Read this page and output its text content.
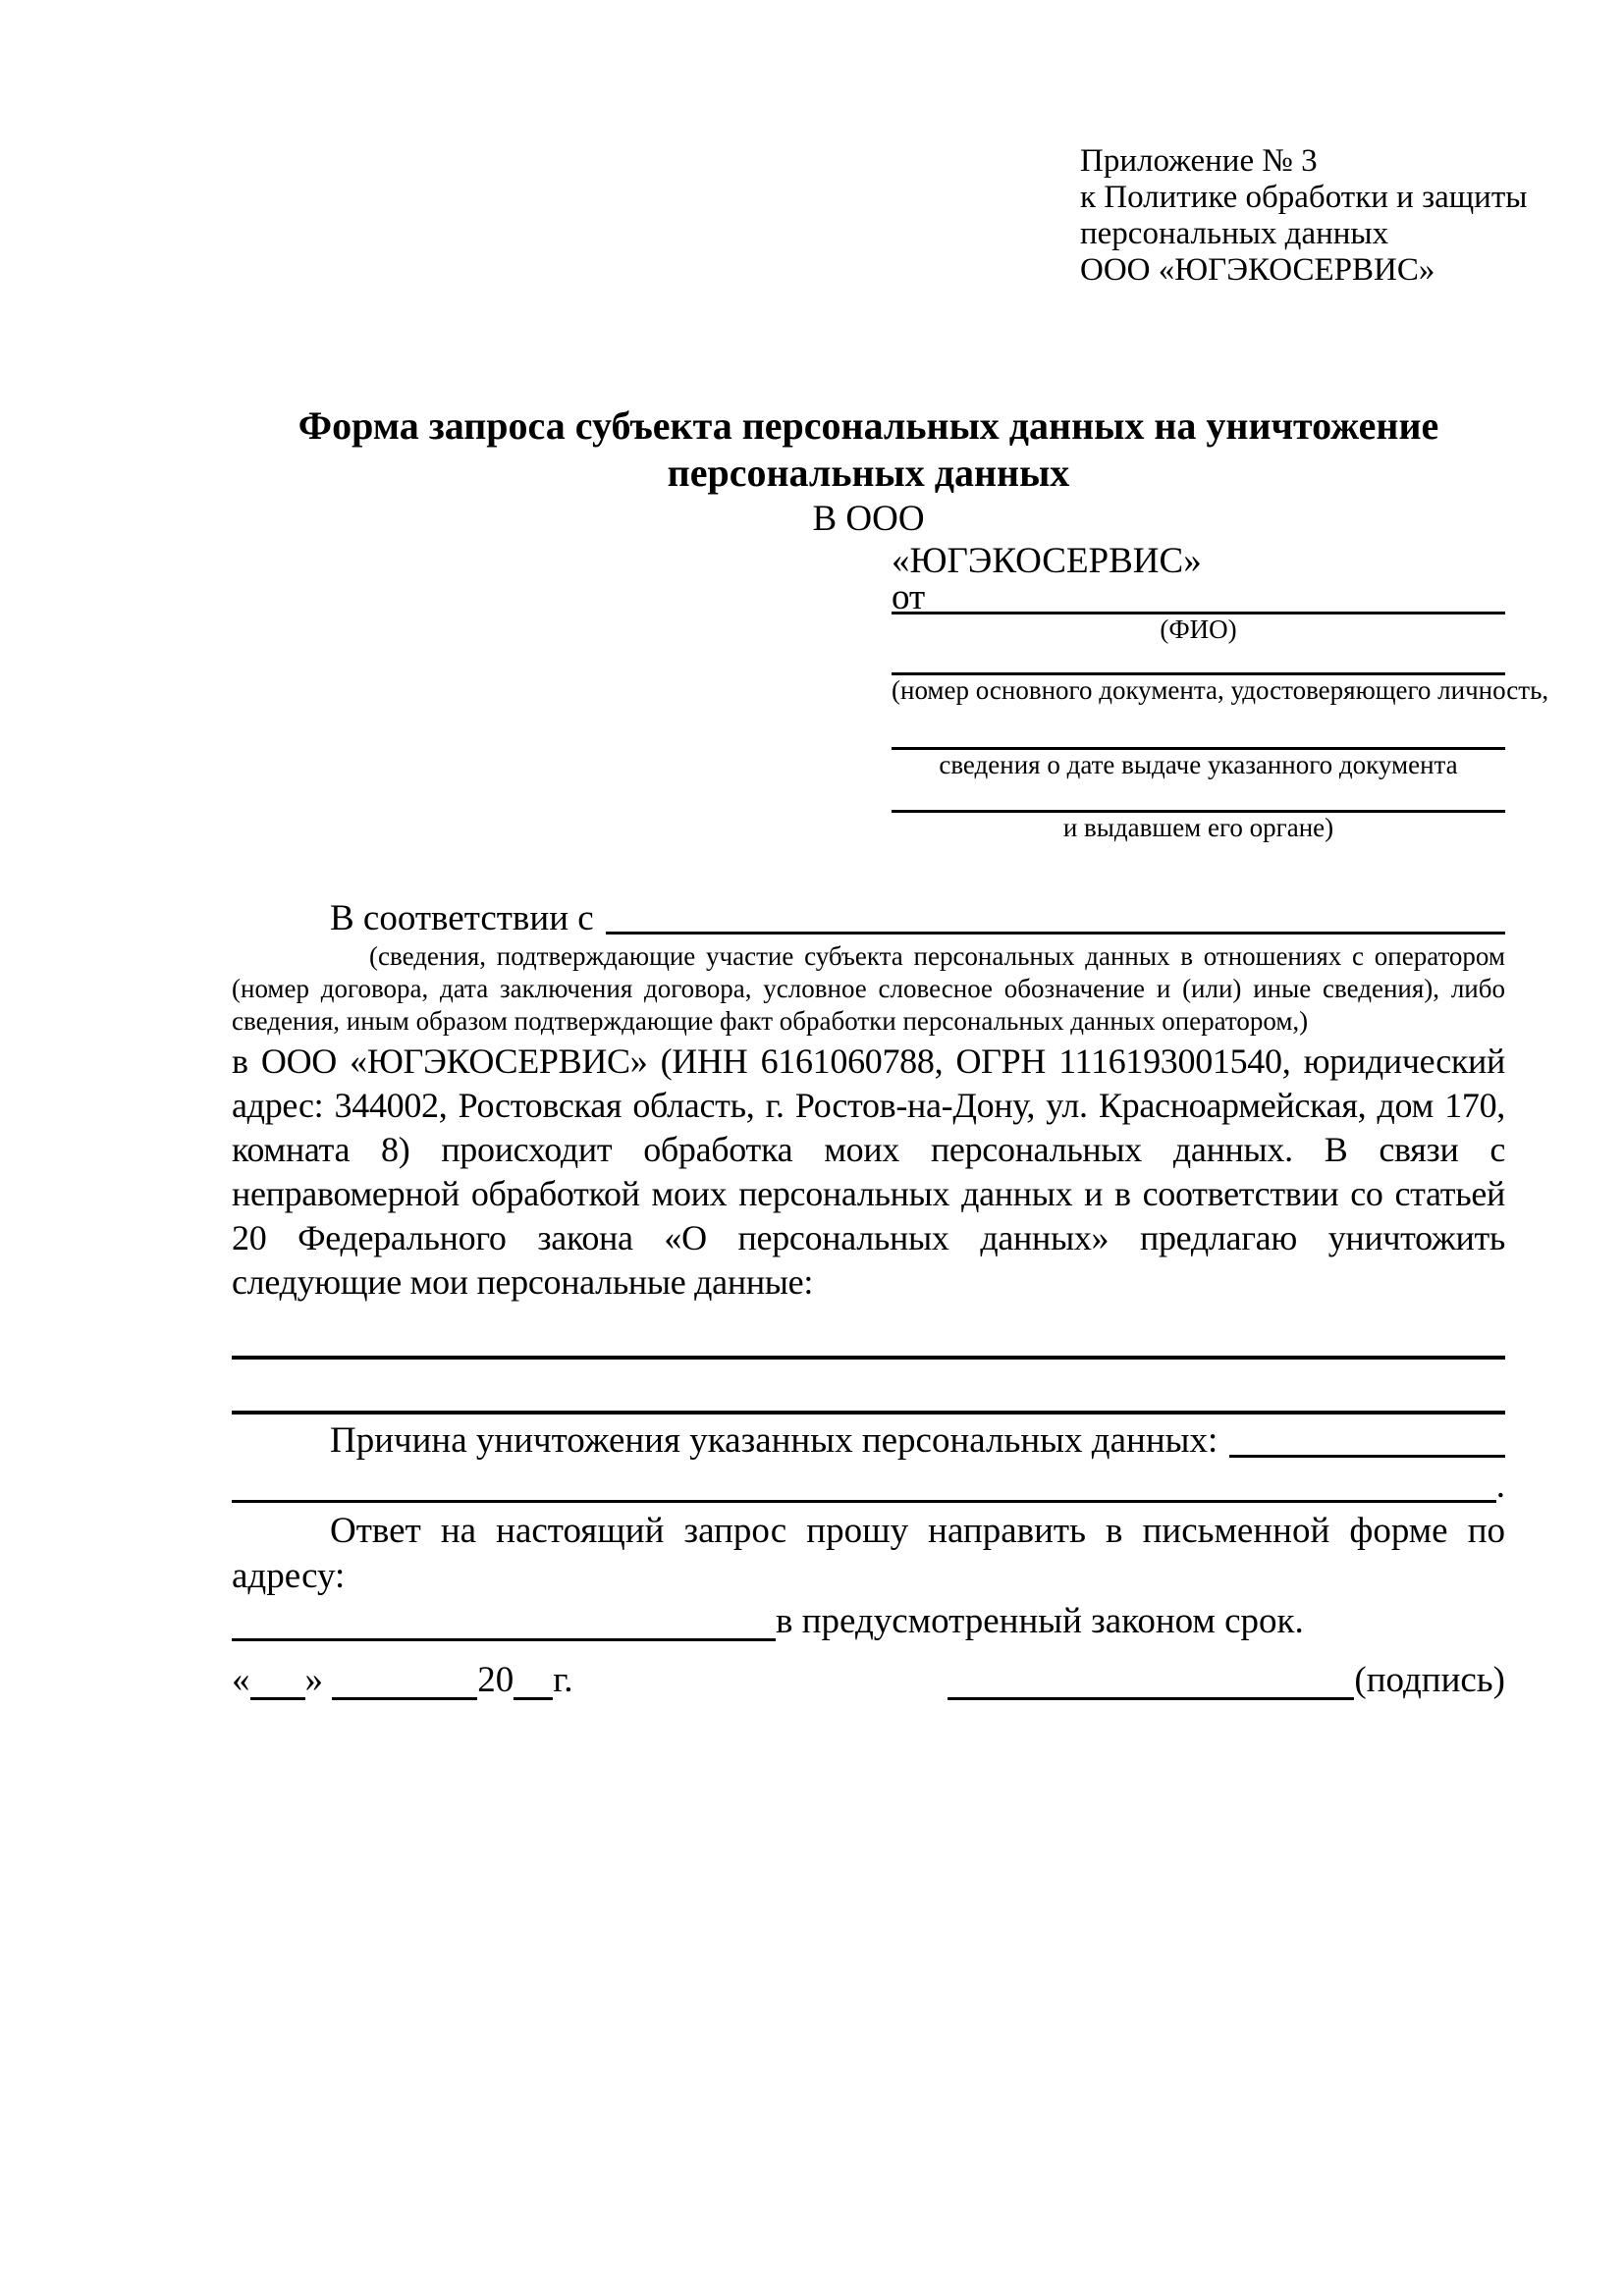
Приложение № 3
к Политике обработки и защиты
персональных данных
ООО «ЮГЭКОСЕРВИС»
Форма запроса субъекта персональных данных на уничтожение
персональных данных
В ООО
«ЮГЭКОСЕРВИС»
от
(ФИО)
(номер основного документа, удостоверяющего личность,
сведения о дате выдаче указанного документа
и выдавшем его органе)
В соответствии с
(сведения, подтверждающие участие субъекта персональных данных в отношениях с оператором (номер договора, дата заключения договора, условное словесное обозначение и (или) иные сведения), либо сведения, иным образом подтверждающие факт обработки персональных данных оператором,)
в ООО «ЮГЭКОСЕРВИС» (ИНН 6161060788, ОГРН 1116193001540, юридический адрес: 344002, Ростовская область, г. Ростов-на-Дону, ул. Красноармейская, дом 170, комната 8) происходит обработка моих персональных данных. В связи с неправомерной обработкой моих персональных данных и в соответствии со статьей 20 Федерального закона «О персональных данных» предлагаю уничтожить следующие мои персональные данные:
Причина уничтожения указанных персональных данных:
.
Ответ на настоящий запрос прошу направить в письменной форме по адресу:
в предусмотренный законом срок.
« »	20 г.	(подпись)
